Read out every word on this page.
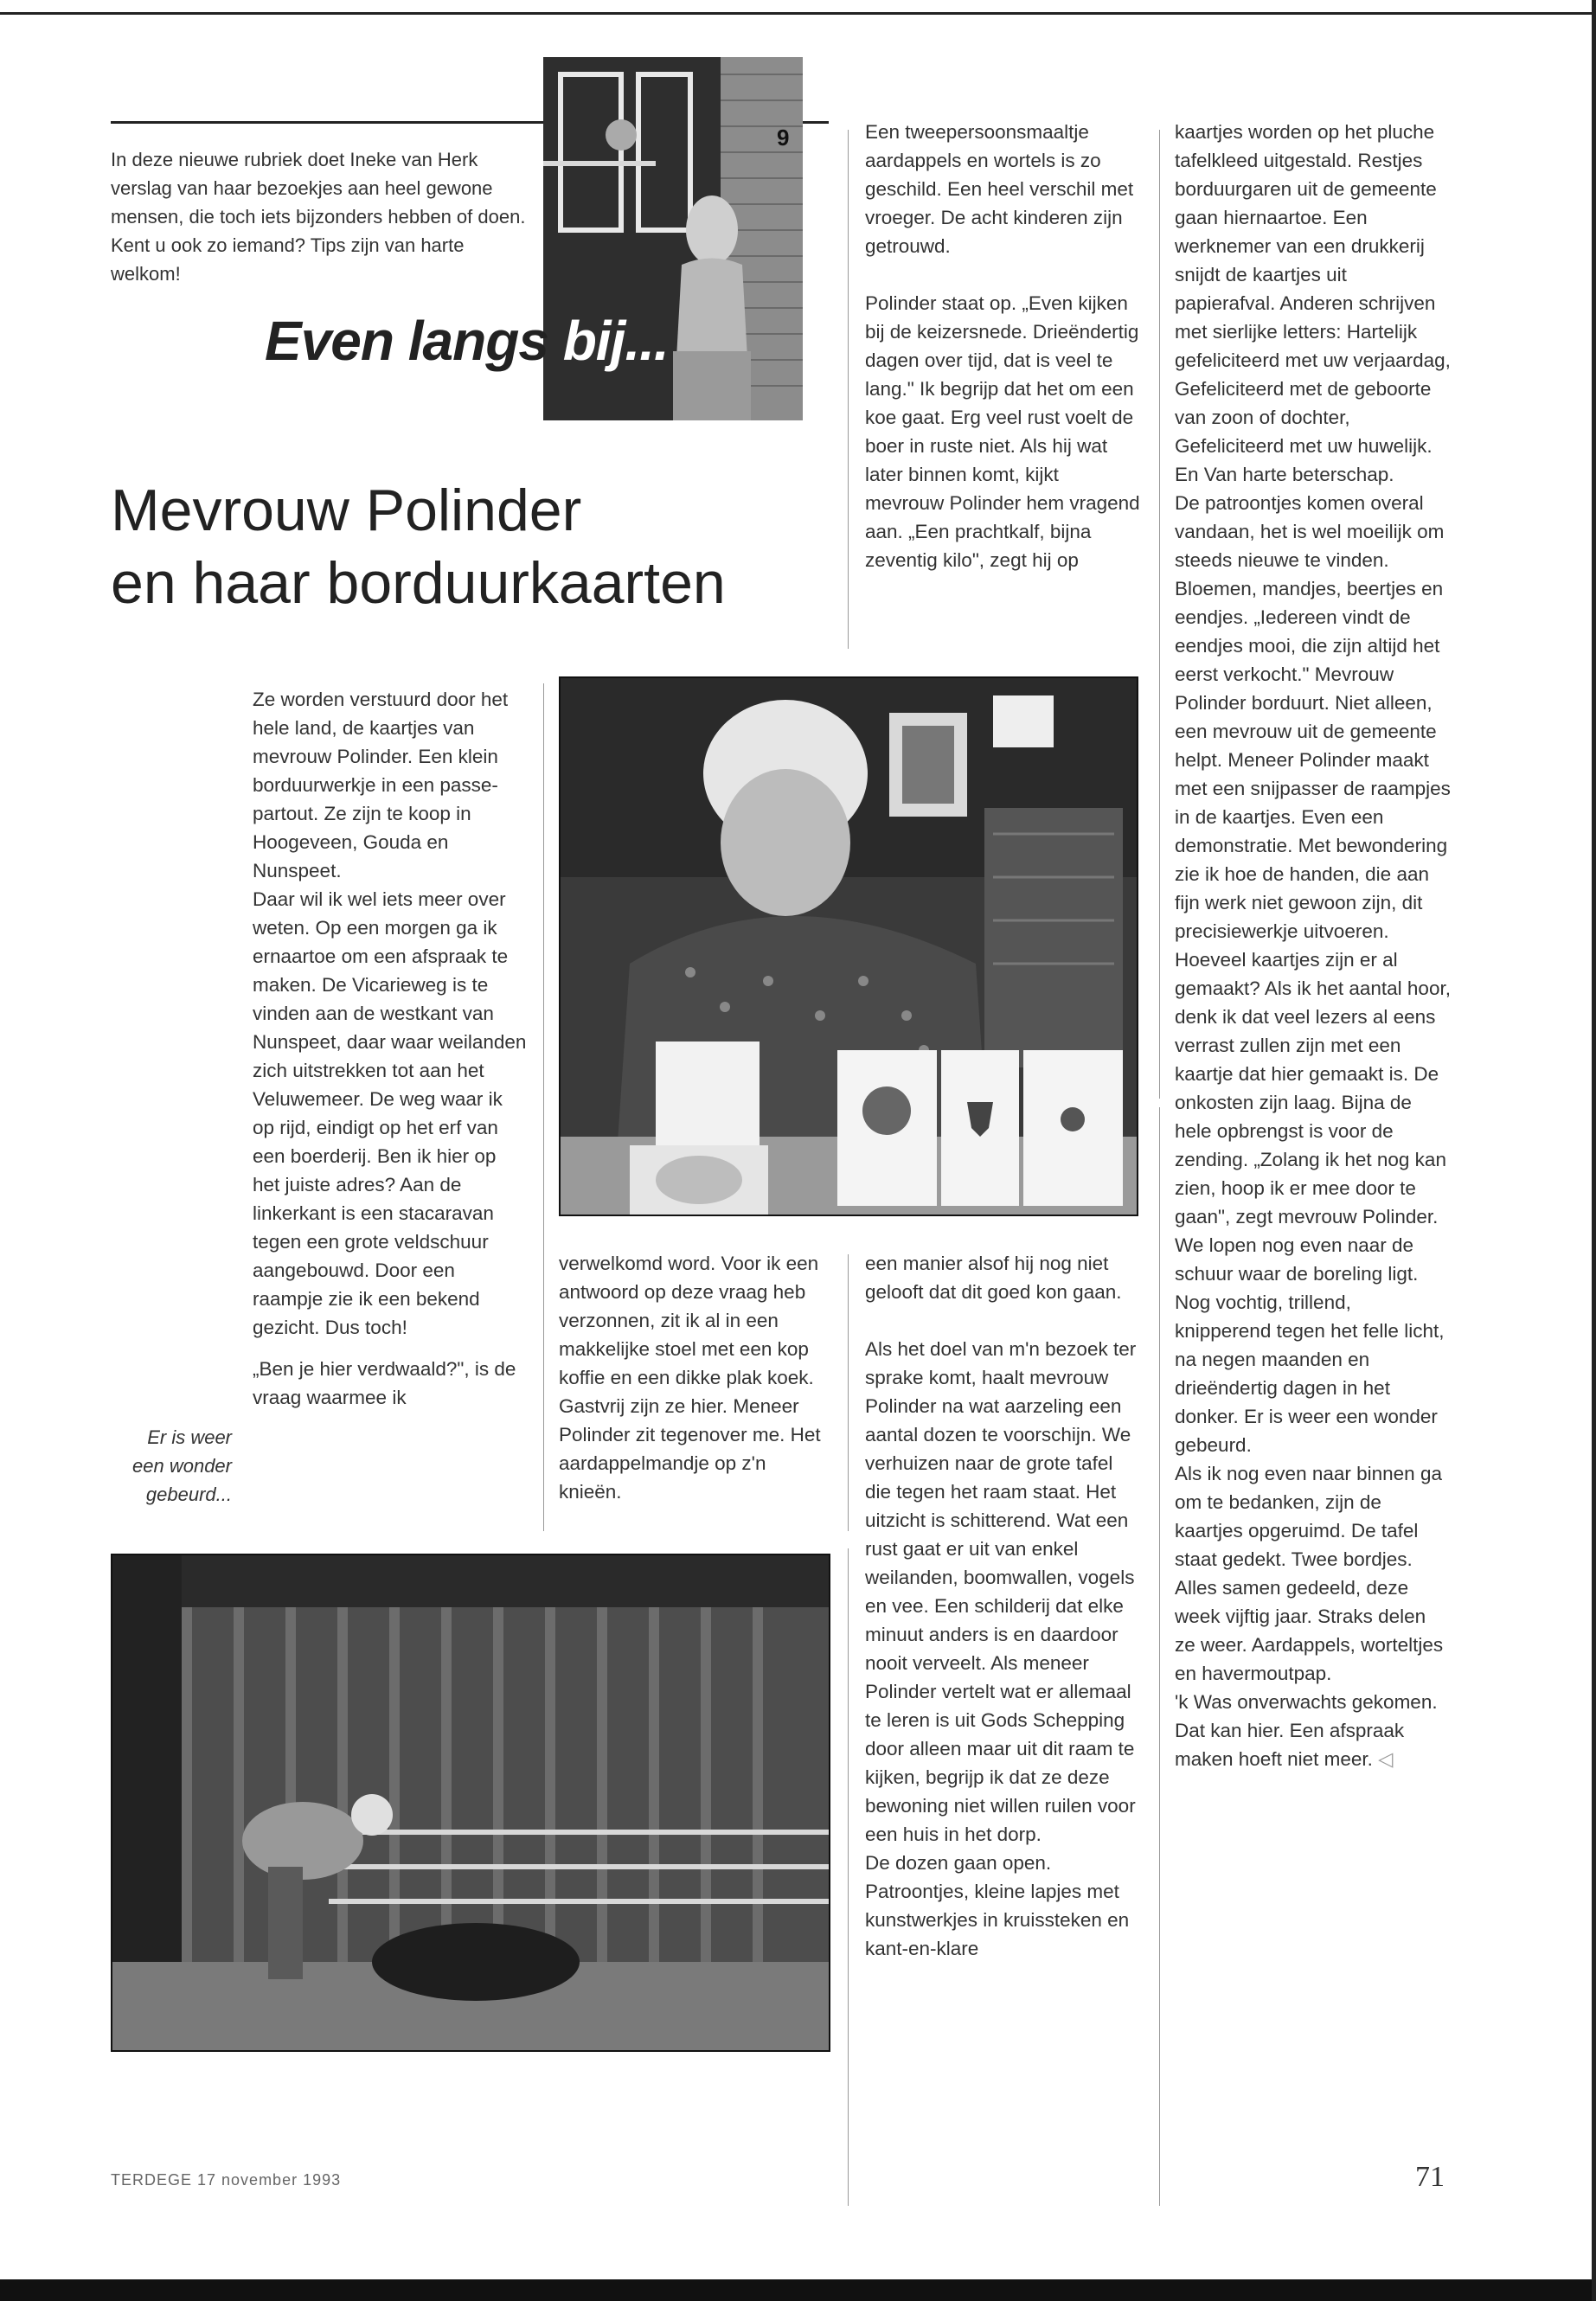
In deze nieuwe rubriek doet Ineke van Herk verslag van haar bezoekjes aan heel gewone mensen, die toch iets bijzonders hebben of doen. Kent u ook zo iemand? Tips zijn van harte welkom!
9
Even langs bij...
Mevrouw Polinder
en haar borduurkaarten

Een tweepersoonsmaaltje aardappels en wortels is zo geschild. Een heel verschil met vroeger. De acht kinderen zijn getrouwd.

Polinder staat op. „Even kijken bij de keizersnede. Drieëndertig dagen over tijd, dat is veel te lang." Ik begrijp dat het om een koe gaat. Erg veel rust voelt de boer in ruste niet. Als hij wat later binnen komt, kijkt mevrouw Polinder hem vragend aan. „Een prachtkalf, bijna zeventig kilo", zegt hij op

kaartjes worden op het pluche tafelkleed uitgestald. Restjes borduurgaren uit de gemeente gaan hiernaartoe. Een werknemer van een drukkerij snijdt de kaartjes uit papierafval. Anderen schrijven met sierlijke letters: Hartelijk gefeliciteerd met uw verjaardag, Gefeliciteerd met de geboorte van zoon of dochter, Gefeliciteerd met uw huwelijk. En Van harte beterschap.

De patroontjes komen overal vandaan, het is wel moeilijk om steeds nieuwe te vinden. Bloemen, mandjes, beertjes en eendjes. „Iedereen vindt de eendjes mooi, die zijn altijd het eerst verkocht." Mevrouw Polinder borduurt. Niet alleen, een mevrouw uit de gemeente helpt. Meneer Polinder maakt met een snijpasser de raampjes in de kaartjes. Even een demonstratie. Met bewondering zie ik hoe de handen, die aan fijn werk niet gewoon zijn, dit precisiewerkje uitvoeren.

Hoeveel kaartjes zijn er al gemaakt? Als ik het aantal hoor, denk ik dat veel lezers al eens verrast zullen zijn met een kaartje dat hier gemaakt is. De onkosten zijn laag. Bijna de hele opbrengst is voor de zending. „Zolang ik het nog kan zien, hoop ik er mee door te gaan", zegt mevrouw Polinder.

We lopen nog even naar de schuur waar de boreling ligt. Nog vochtig, trillend, knipperend tegen het felle licht, na negen maanden en drieëndertig dagen in het donker. Er is weer een wonder gebeurd.

Als ik nog even naar binnen ga om te bedanken, zijn de kaartjes opgeruimd. De tafel staat gedekt. Twee bordjes. Alles samen gedeeld, deze week vijftig jaar. Straks delen ze weer. Aardappels, worteltjes en havermoutpap.

'k Was onverwachts gekomen. Dat kan hier. Een afspraak maken hoeft niet meer. ◁

Ze worden verstuurd door het hele land, de kaartjes van mevrouw Polinder. Een klein borduurwerkje in een passe-partout. Ze zijn te koop in Hoogeveen, Gouda en Nunspeet.

Daar wil ik wel iets meer over weten. Op een morgen ga ik ernaartoe om een afspraak te maken. De Vicarieweg is te vinden aan de westkant van Nunspeet, daar waar weilanden zich uitstrekken tot aan het Veluwemeer. De weg waar ik op rijd, eindigt op het erf van een boerderij. Ben ik hier op het juiste adres? Aan de linkerkant is een stacaravan tegen een grote veldschuur aangebouwd. Door een raampje zie ik een bekend gezicht. Dus toch!

„Ben je hier verdwaald?", is de vraag waarmee ik

Er is weer een wonder gebeurd...

verwelkomd word. Voor ik een antwoord op deze vraag heb verzonnen, zit ik al in een makkelijke stoel met een kop koffie en een dikke plak koek. Gastvrij zijn ze hier. Meneer Polinder zit tegenover me. Het aardappelmandje op z'n knieën.

een manier alsof hij nog niet gelooft dat dit goed kon gaan.

Als het doel van m'n bezoek ter sprake komt, haalt mevrouw Polinder na wat aarzeling een aantal dozen te voorschijn. We verhuizen naar de grote tafel die tegen het raam staat. Het uitzicht is schitterend. Wat een rust gaat er uit van enkel weilanden, boomwallen, vogels en vee. Een schilderij dat elke minuut anders is en daardoor nooit verveelt. Als meneer Polinder vertelt wat er allemaal te leren is uit Gods Schepping door alleen maar uit dit raam te kijken, begrijp ik dat ze deze bewoning niet willen ruilen voor een huis in het dorp.

De dozen gaan open. Patroontjes, kleine lapjes met kunstwerkjes in kruissteken en kant-en-klare

TERDEGE 17 november 1993	71
